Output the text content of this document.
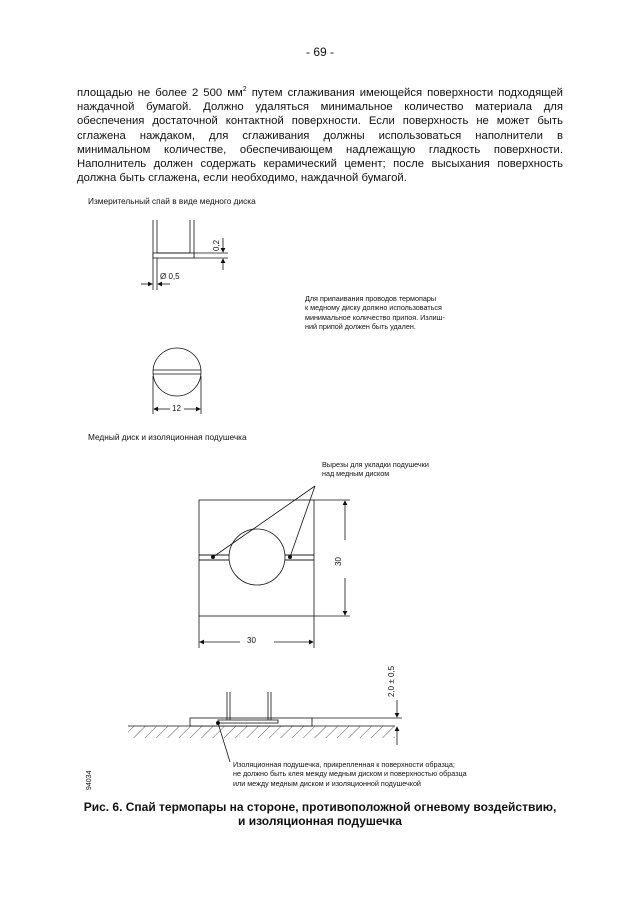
- 69 -
площадью не более 2 500 $мм^2$ путем сглаживания имеющейся поверхности подходящей наждачной бумагой. Должно удаляться минимальное количество материала для обеспечения достаточной контактной поверхности. Если поверхность не может быть сглажена наждаком, для сглаживания должны использоваться наполнители в минимальном количестве, обеспечивающем надлежащую гладкость поверхности. Наполнитель должен содержать керамический цемент; после высыхания поверхность должна быть сглажена, если необходимо, наждачной бумагой.
Измерительный спай в виде медного диска
0,2
Ø 0,5
12
Для припаивания проводов термопары
к медному диску должно использоваться
минимальное количество припоя. Излиш-
ний припой должен быть удален.
Медный диск и изоляционная подушечка
Вырезы для укладки подушечки
над медным диском
30
30
2,0 ± 0,5
Изоляционная подушечка, прикрепленная к поверхности образца;
не должно быть клея между медным диском и поверхностью образца
или между медным диском и изоляционной подушечкой
94034
Рис. 6. Спай термопары на стороне, противоположной огневому воздействию,
и изоляционная подушечка
